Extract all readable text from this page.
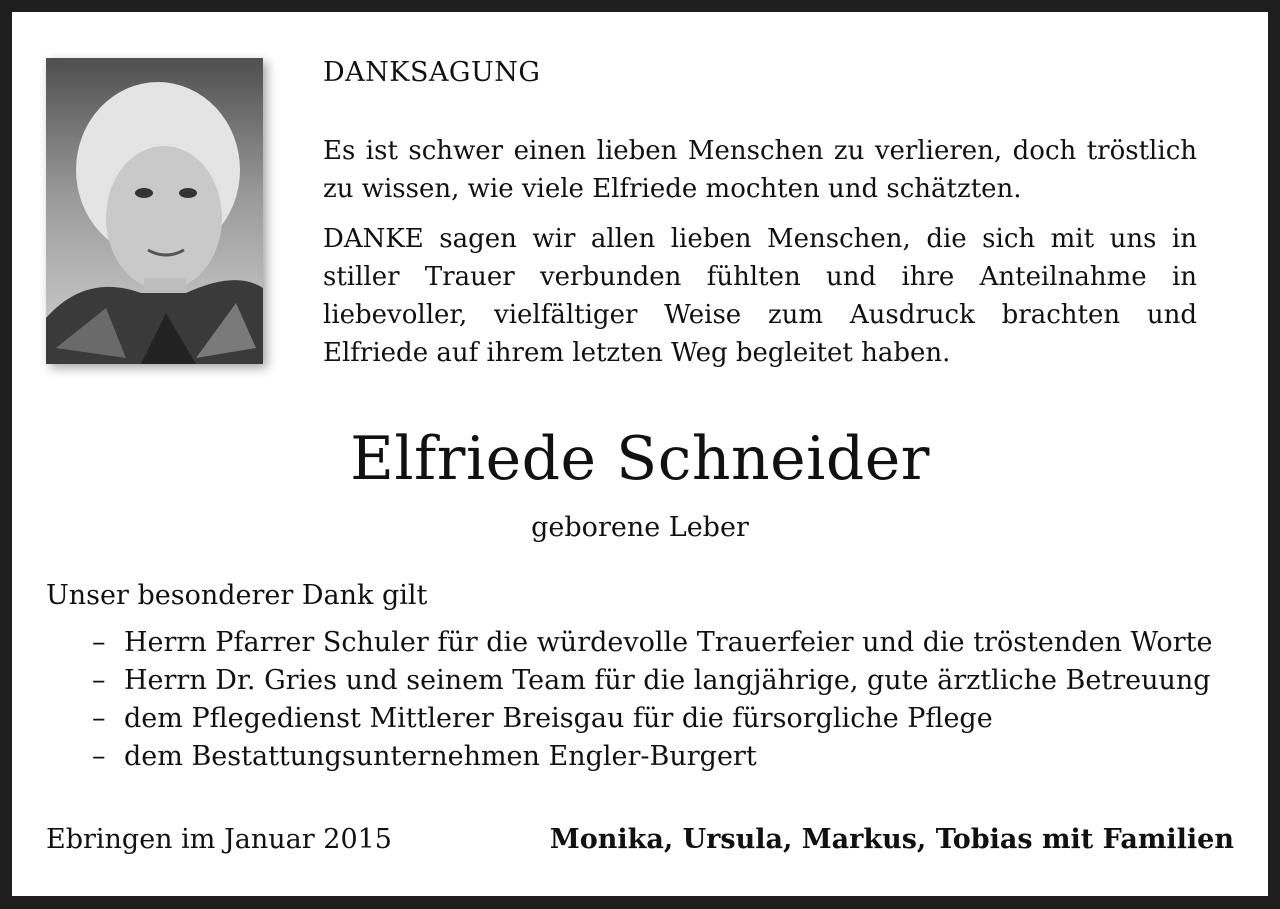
DANKSAGUNG

Es ist schwer einen lieben Menschen zu verlieren, doch tröstlich zu wissen, wie viele Elfriede mochten und schätzten.

DANKE sagen wir allen lieben Menschen, die sich mit uns in stiller Trauer verbunden fühlten und ihre Anteilnahme in liebevoller, vielfältiger Weise zum Ausdruck brachten und Elfriede auf ihrem letzten Weg begleitet haben.

Elfriede Schneider
geborene Leber
Unser besonderer Dank gilt
– Herrn Pfarrer Schuler für die würdevolle Trauerfeier und die tröstenden Worte
– Herrn Dr. Gries und seinem Team für die langjährige, gute ärztliche Betreuung
– dem Pflegedienst Mittlerer Breisgau für die fürsorgliche Pflege
– dem Bestattungsunternehmen Engler-Burgert
Ebringen im Januar 2015	Monika, Ursula, Markus, Tobias mit Familien
